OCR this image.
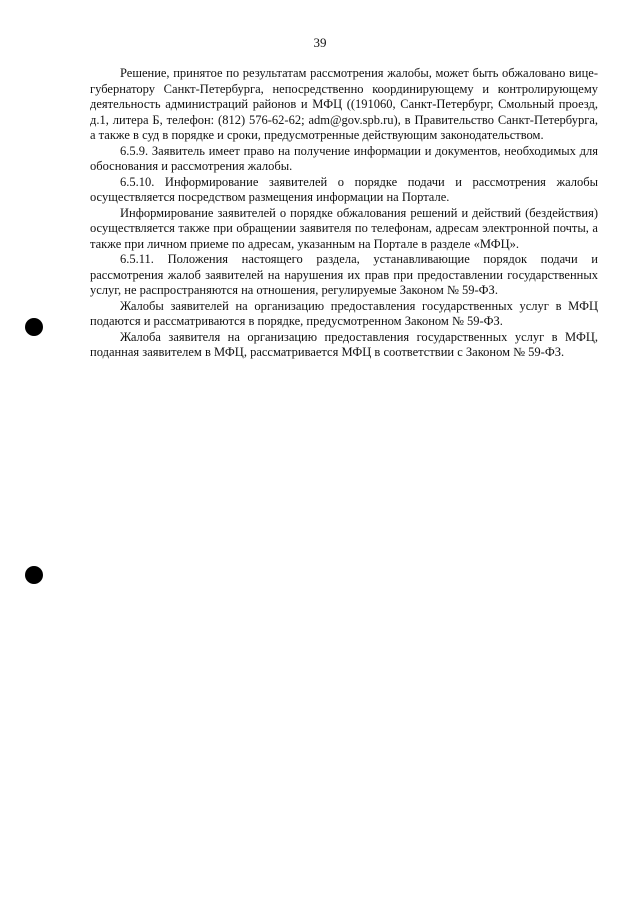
39

Решение, принятое по результатам рассмотрения жалобы, может быть обжаловано вице-губернатору Санкт-Петербурга, непосредственно координирующему и контролирующему деятельность администраций районов и МФЦ ((191060, Санкт-Петербург, Смольный проезд, д.1, литера Б, телефон: (812) 576-62-62; adm@gov.spb.ru), в Правительство Санкт-Петербурга, а также в суд в порядке и сроки, предусмотренные действующим законодательством.

6.5.9. Заявитель имеет право на получение информации и документов, необходимых для обоснования и рассмотрения жалобы.

6.5.10. Информирование заявителей о порядке подачи и рассмотрения жалобы осуществляется посредством размещения информации на Портале.

Информирование заявителей о порядке обжалования решений и действий (бездействия) осуществляется также при обращении заявителя по телефонам, адресам электронной почты, а также при личном приеме по адресам, указанным на Портале в разделе «МФЦ».

6.5.11. Положения настоящего раздела, устанавливающие порядок подачи и рассмотрения жалоб заявителей на нарушения их прав при предоставлении государственных услуг, не распространяются на отношения, регулируемые Законом № 59-ФЗ.

Жалобы заявителей на организацию предоставления государственных услуг в МФЦ подаются и рассматриваются в порядке, предусмотренном Законом № 59-ФЗ.

Жалоба заявителя на организацию предоставления государственных услуг в МФЦ, поданная заявителем в МФЦ, рассматривается МФЦ в соответствии с Законом № 59-ФЗ.
